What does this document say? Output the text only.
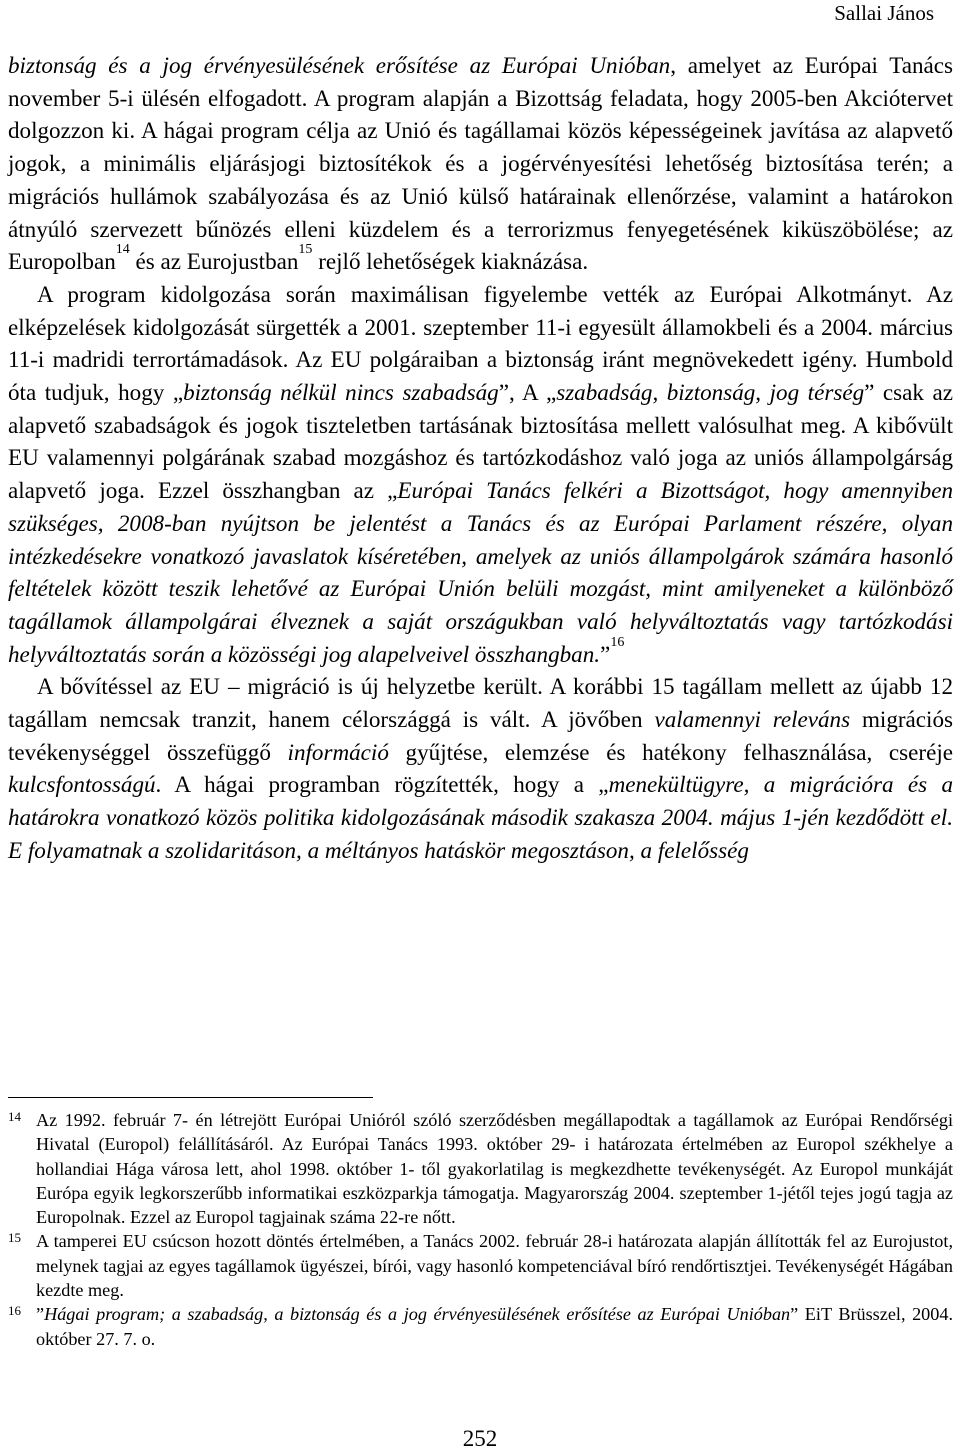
Sallai János

biztonság és a jog érvényesülésének erősítése az Európai Unióban, amelyet az Európai Tanács november 5-i ülésén elfogadott. A program alapján a Bizottság feladata, hogy 2005-ben Akciótervet dolgozzon ki. A hágai program célja az Unió és tagállamai közös képességeinek javítása az alapvető jogok, a minimális eljárásjogi biztosítékok és a jogérvényesítési lehetőség biztosítása terén; a migrációs hullámok szabályozása és az Unió külső határainak ellenőrzése, valamint a határokon átnyúló szervezett bűnözés elleni küzdelem és a terrorizmus fenyegetésének kiküszöbölése; az Europolban$^{14}$ és az Eurojustban$^{15}$ rejlő lehetőségek kiaknázása.

A program kidolgozása során maximálisan figyelembe vették az Európai Alkotmányt. Az elképzelések kidolgozását sürgették a 2001. szeptember 11-i egyesült államokbeli és a 2004. március 11-i madridi terrortámadások. Az EU polgáraiban a biztonság iránt megnövekedett igény. Humbold óta tudjuk, hogy „biztonság nélkül nincs szabadság”, A „szabadság, biztonság, jog térség” csak az alapvető szabadságok és jogok tiszteletben tartásának biztosítása mellett valósulhat meg. A kibővült EU valamennyi polgárának szabad mozgáshoz és tartózkodáshoz való joga az uniós állampolgárság alapvető joga. Ezzel összhangban az „Európai Tanács felkéri a Bizottságot, hogy amennyiben szükséges, 2008-ban nyújtson be jelentést a Tanács és az Európai Parlament részére, olyan intézkedésekre vonatkozó javaslatok kíséretében, amelyek az uniós állampolgárok számára hasonló feltételek között teszik lehetővé az Európai Unión belüli mozgást, mint amilyeneket a különböző tagállamok állampolgárai élveznek a saját országukban való helyváltoztatás vagy tartózkodási helyváltoztatás során a közösségi jog alapelveivel összhangban.”$^{16}$

A bővítéssel az EU – migráció is új helyzetbe került. A korábbi 15 tagállam mellett az újabb 12 tagállam nemcsak tranzit, hanem célországgá is vált. A jövőben valamennyi releváns migrációs tevékenységgel összefüggő információ gyűjtése, elemzése és hatékony felhasználása, cseréje kulcsfontosságú. A hágai programban rögzítették, hogy a „menekültügyre, a migrációra és a határokra vonatkozó közös politika kidolgozásának második szakasza 2004. május 1-jén kezdődött el. E folyamatnak a szolidaritáson, a méltányos hatáskör megosztáson, a felelősség

14 Az 1992. február 7- én létrejött Európai Unióról szóló szerződésben megállapodtak a tagállamok az Európai Rendőrségi Hivatal (Europol) felállításáról. Az Európai Tanács 1993. október 29- i határozata értelmében az Europol székhelye a hollandiai Hága városa lett, ahol 1998. október 1- től gyakorlatilag is megkezdhette tevékenységét. Az Europol munkáját Európa egyik legkorszerűbb informatikai eszközparkja támogatja. Magyarország 2004. szeptember 1-jétől tejes jogú tagja az Europolnak. Ezzel az Europol tagjainak száma 22-re nőtt.
15 A tamperei EU csúcson hozott döntés értelmében, a Tanács 2002. február 28-i határozata alapján állították fel az Eurojustot, melynek tagjai az egyes tagállamok ügyészei, bírói, vagy hasonló kompetenciával bíró rendőrtisztjei. Tevékenységét Hágában kezdte meg.
16 ”Hágai program; a szabadság, a biztonság és a jog érvényesülésének erősítése az Európai Unióban” EiT Brüsszel, 2004. október 27. 7. o.
252
